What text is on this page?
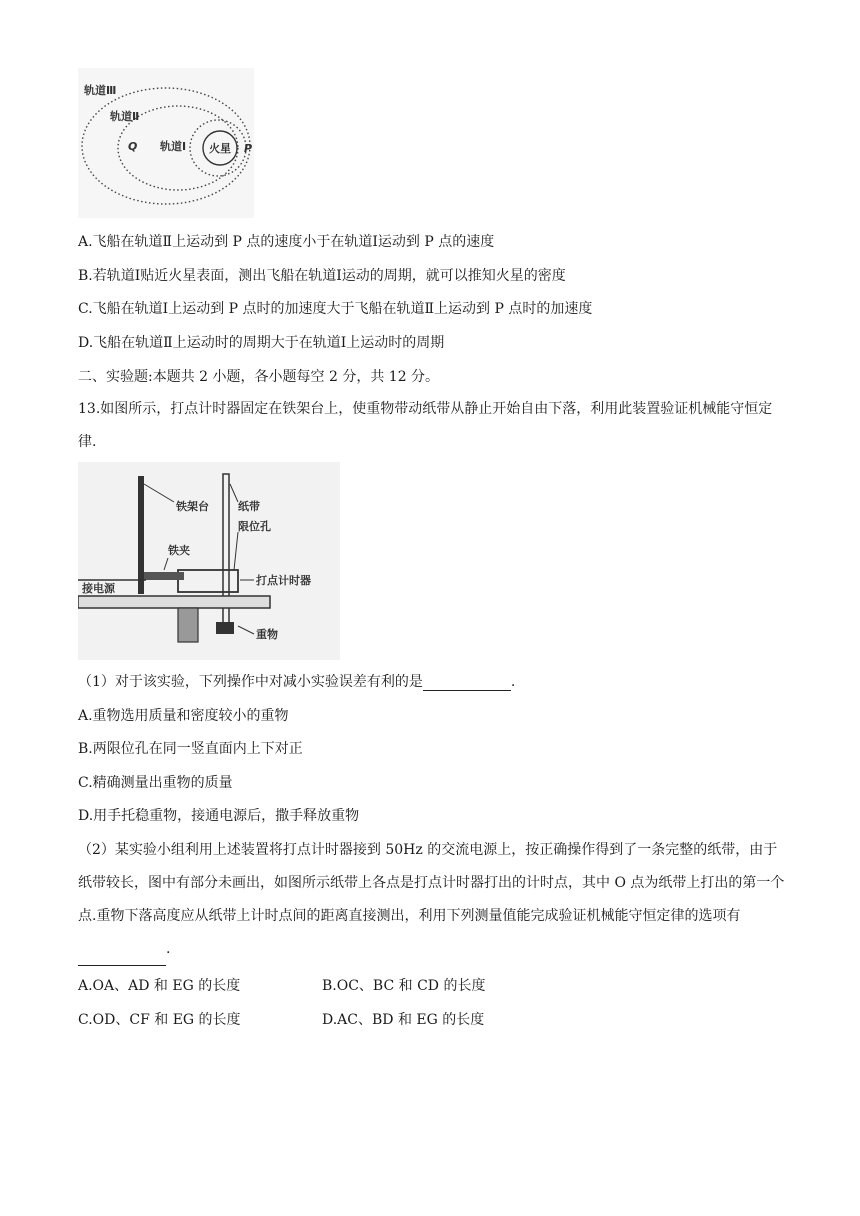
轨道Ⅲ
轨道Ⅱ
轨道Ⅰ 火星
Q	P
A.飞船在轨道Ⅱ上运动到 P 点的速度小于在轨道Ⅰ运动到 P 点的速度
B.若轨道Ⅰ贴近火星表面，测出飞船在轨道Ⅰ运动的周期，就可以推知火星的密度
C.飞船在轨道Ⅰ上运动到 P 点时的加速度大于飞船在轨道Ⅱ上运动到 P 点时的加速度
D.飞船在轨道Ⅱ上运动时的周期大于在轨道Ⅰ上运动时的周期
二、实验题:本题共 2 小题，各小题每空 2 分，共 12 分。
13.如图所示，打点计时器固定在铁架台上，使重物带动纸带从静止开始自由下落，利用此装置验证机械能守恒定律.
铁架台	纸带
铁夹
限位孔
接电源
打点计时器
重物
（1）对于该实验，下列操作中对减小实验误差有利的是	.
A.重物选用质量和密度较小的重物
B.两限位孔在同一竖直面内上下对正
C.精确测量出重物的质量
D.用手托稳重物，接通电源后，撒手释放重物
（2）某实验小组利用上述装置将打点计时器接到 50Hz 的交流电源上，按正确操作得到了一条完整的纸带，由于纸带较长，图中有部分未画出，如图所示纸带上各点是打点计时器打出的计时点，其中 O 点为纸带上打出的第一个点.重物下落高度应从纸带上计时点间的距离直接测出，利用下列测量值能完成验证机械能守恒定律的选项有.
A.OA、AD 和 EG 的长度	B.OC、BC 和 CD 的长度
C.OD、CF 和 EG 的长度	D.AC、BD 和 EG 的长度
